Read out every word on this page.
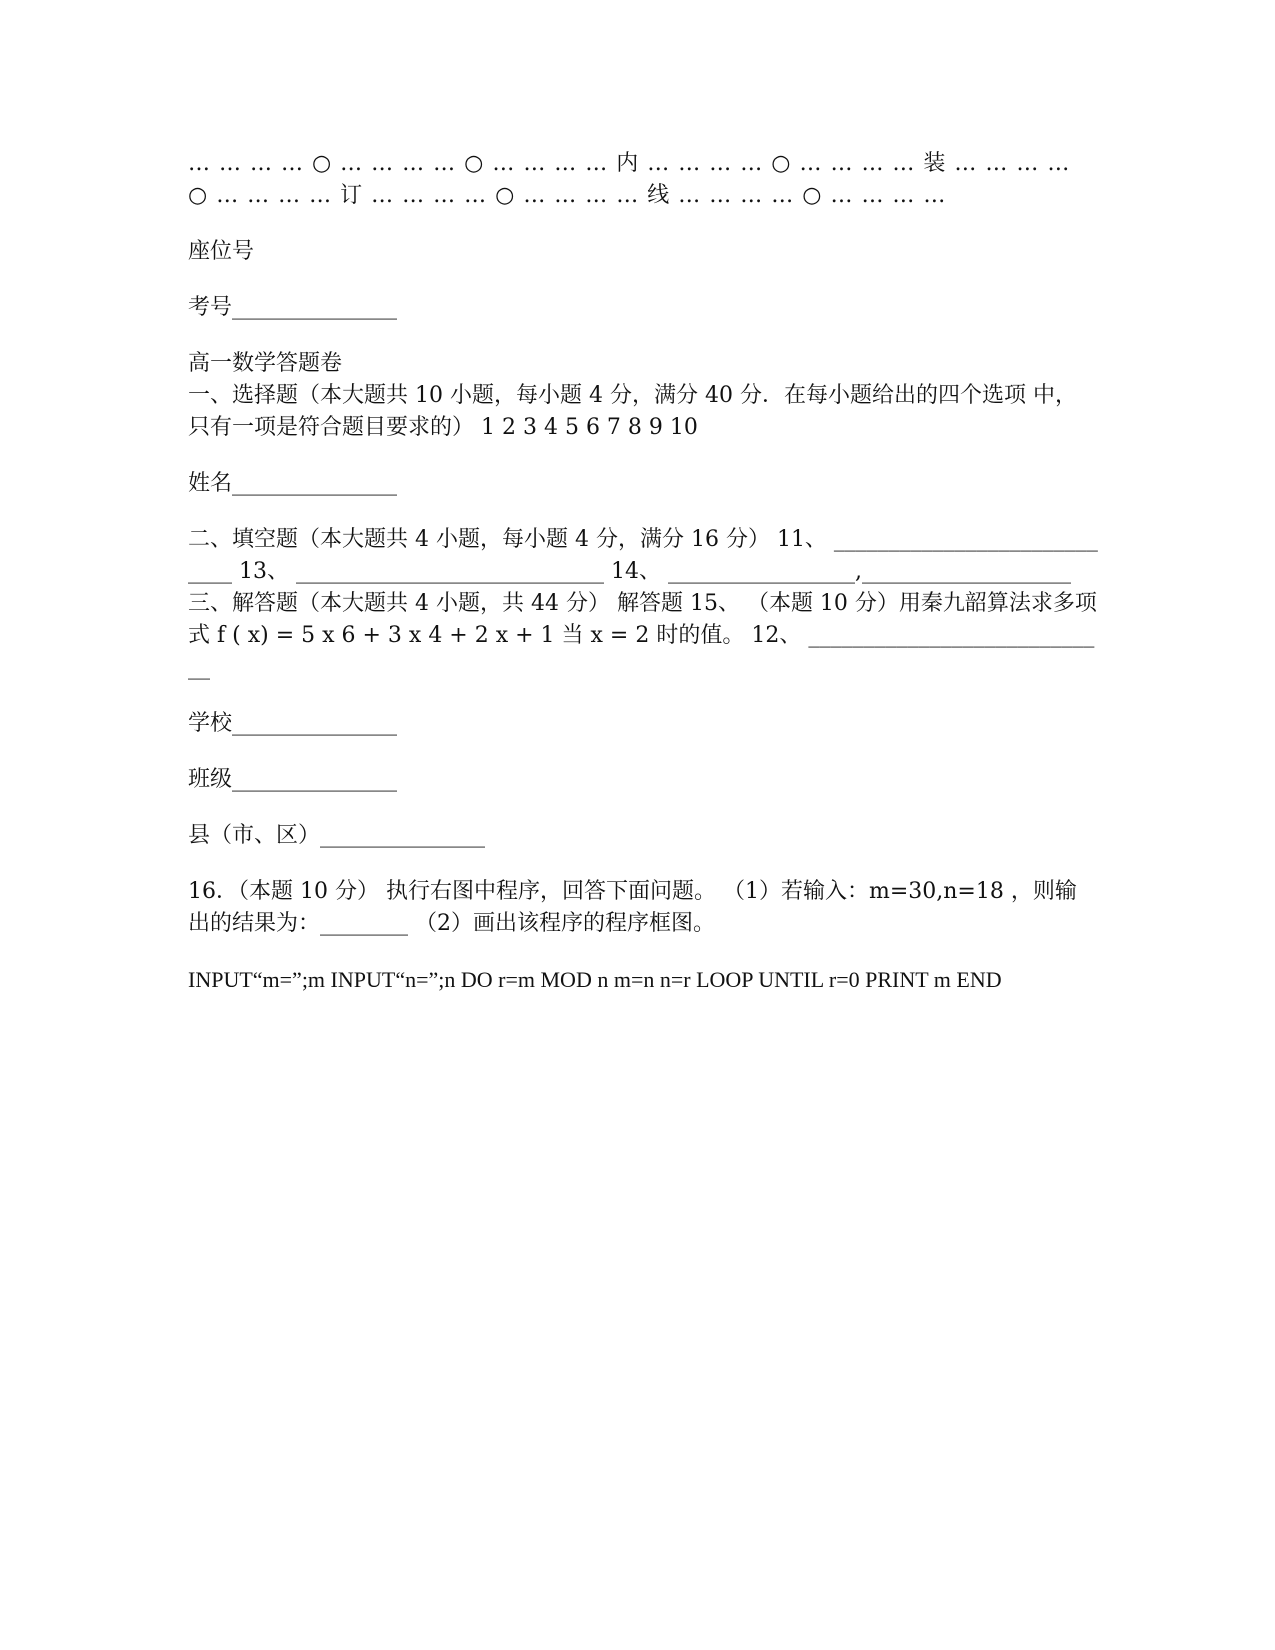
… … … … ○ … … … … ○ … … … … 内 … … … … ○ … … … … 装 … … … … ○ … … … … 订 … … … … ○ … … … … 线 … … … … ○ … … … …
座位号
考号_______________
高一数学答题卷
一、选择题（本大题共 10 小题，每小题 4 分，满分 40 分．在每小题给出的四个选项 中，只有一项是符合题目要求的） 1 2 3 4 5 6 7 8 9 10
姓名_______________
二、填空题（本大题共 4 小题，每小题 4 分，满分 16 分） 11、 ____________________________ 13、 ____________________________ 14、 _________________,___________________ 三、解答题（本大题共 4 小题，共 44 分） 解答题 15、 （本题 10 分）用秦九韶算法求多项式 f ( x) = 5 x 6 + 3 x 4 + 2 x + 1 当 x = 2 时的值。 12、 ____________________________
学校_______________
班级_______________
县（市、区）_______________
16．（本题 10 分） 执行右图中程序，回答下面问题。 （1）若输入：m=30,n=18 ，则输出的结果为：________ （2）画出该程序的程序框图。
INPUT“m=”;m INPUT“n=”;n DO r=m MOD n m=n n=r LOOP UNTIL r=0 PRINT m END
